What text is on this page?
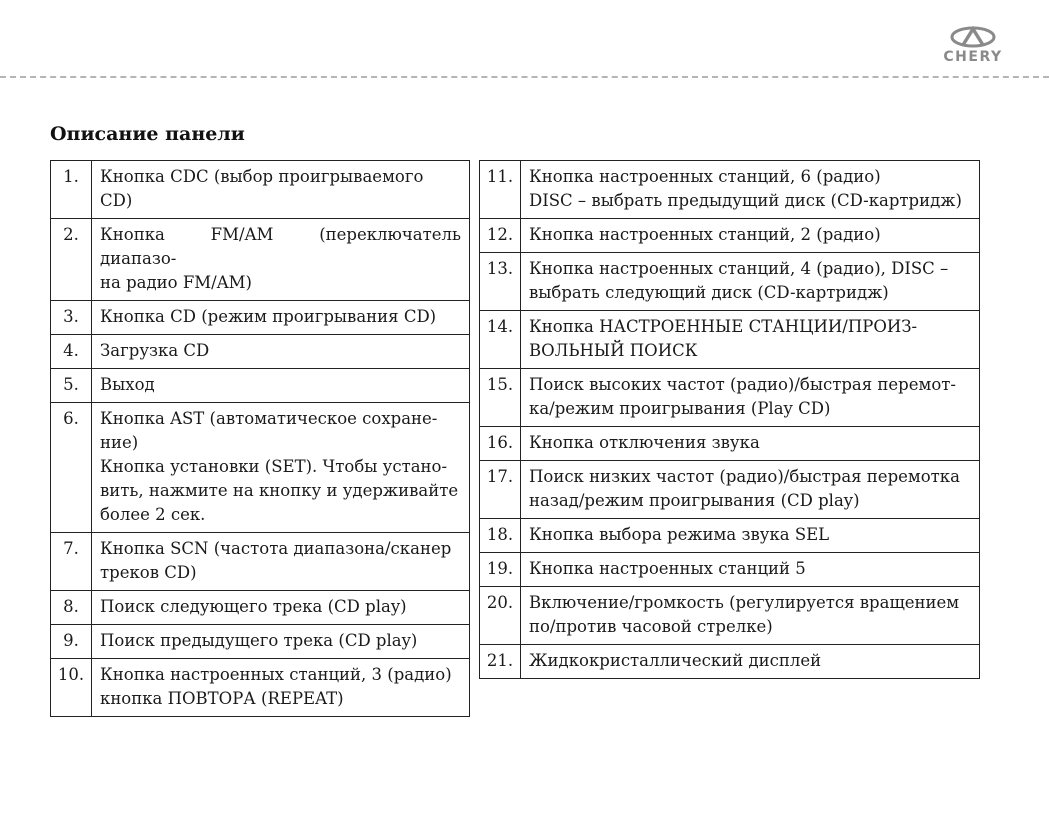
CHERY
Описание панели
1.	Кнопка CDC (выбор проигрываемого
CD)

2.	Кнопка FM/AM (переключатель диапазо-
на радио FM/AM)

3.	Кнопка CD (режим проигрывания CD)

4.	Загрузка CD

5.	Выход

6.	Кнопка AST (автоматическое сохране-
ние)
Кнопка установки (SET). Чтобы устано-
вить, нажмите на кнопку и удерживайте
более 2 сек.

7.	Кнопка SCN (частота диапазона/сканер
треков CD)

8.	Поиск следующего трека (CD play)

9.	Поиск предыдущего трека (CD play)

10.	Кнопка настроенных станций, 3 (радио)
кнопка ПОВТОРА (REPEAT)
11.	Кнопка настроенных станций, 6 (радио)
DISC – выбрать предыдущий диск (CD-картридж)

12.	Кнопка настроенных станций, 2 (радио)

13.	Кнопка настроенных станций, 4 (радио), DISC –
выбрать следующий диск (CD-картридж)

14.	Кнопка НАСТРОЕННЫЕ СТАНЦИИ/ПРОИЗ-
ВОЛЬНЫЙ ПОИСК

15.	Поиск высоких частот (радио)/быстрая перемот-
ка/режим проигрывания (Play CD)

16.	Кнопка отключения звука

17.	Поиск низких частот (радио)/быстрая перемотка
назад/режим проигрывания (CD play)

18.	Кнопка выбора режима звука SEL

19.	Кнопка настроенных станций 5

20.	Включение/громкость (регулируется вращением
по/против часовой стрелке)

21.	Жидкокристаллический дисплей
